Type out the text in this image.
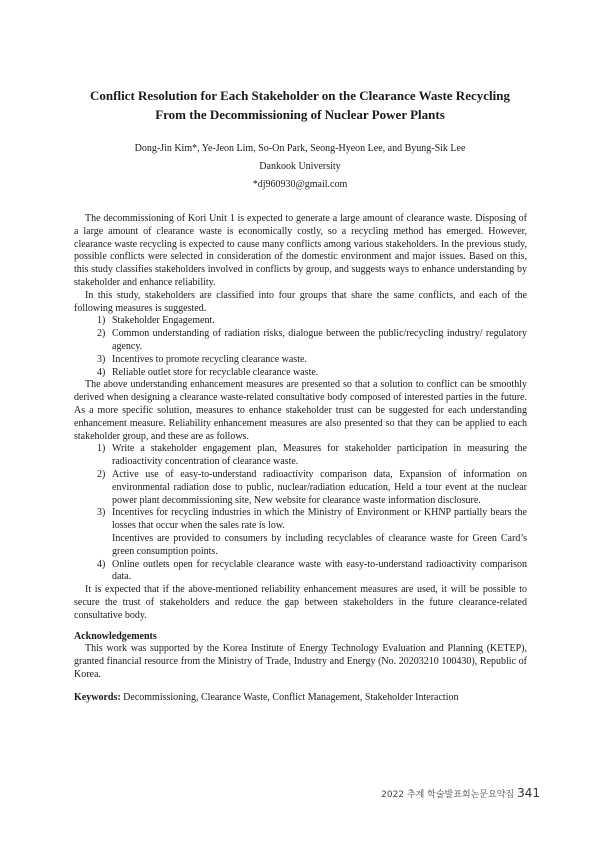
Conflict Resolution for Each Stakeholder on the Clearance Waste Recycling
From the Decommissioning of Nuclear Power Plants
Dong-Jin Kim*, Ye-Jeon Lim, So-On Park, Seong-Hyeon Lee, and Byung-Sik Lee
Dankook University
*dj960930@gmail.com

The decommissioning of Kori Unit 1 is expected to generate a large amount of clearance waste. Disposing of a large amount of clearance waste is economically costly, so a recycling method has emerged. However, clearance waste recycling is expected to cause many conflicts among various stakeholders. In the previous study, possible conflicts were selected in consideration of the domestic environment and major issues. Based on this, this study classifies stakeholders involved in conflicts by group, and suggests ways to enhance understanding by stakeholder and enhance reliability.

In this study, stakeholders are classified into four groups that share the same conflicts, and each of the following measures is suggested.

1) Stakeholder Engagement.
2) Common understanding of radiation risks, dialogue between the public/recycling industry/ regulatory agency.
3) Incentives to promote recycling clearance waste.
4) Reliable outlet store for recyclable clearance waste.

The above understanding enhancement measures are presented so that a solution to conflict can be smoothly derived when designing a clearance waste-related consultative body composed of interested parties in the future. As a more specific solution, measures to enhance stakeholder trust can be suggested for each understanding enhancement measure. Reliability enhancement measures are also presented so that they can be applied to each stakeholder group, and these are as follows.

1) Write a stakeholder engagement plan, Measures for stakeholder participation in measuring the radioactivity concentration of clearance waste.
2) Active use of easy-to-understand radioactivity comparison data, Expansion of information on environmental radiation dose to public, nuclear/radiation education, Held a tour event at the nuclear power plant decommissioning site, New website for clearance waste information disclosure.
3) Incentives for recycling industries in which the Ministry of Environment or KHNP partially bears the losses that occur when the sales rate is low.
Incentives are provided to consumers by including recyclables of clearance waste for Green Card’s green consumption points.
4) Online outlets open for recyclable clearance waste with easy-to-understand radioactivity comparison data.

It is expected that if the above-mentioned reliability enhancement measures are used, it will be possible to secure the trust of stakeholders and reduce the gap between stakeholders in the future clearance-related consultative body.

Acknowledgements

This work was supported by the Korea Institute of Energy Technology Evaluation and Planning (KETEP), granted financial resource from the Ministry of Trade, Industry and Energy (No. 20203210 100430), Republic of Korea.

Keywords: Decommissioning, Clearance Waste, Conflict Management, Stakeholder Interaction
2022 추계 학술발표회논문요약집 341
